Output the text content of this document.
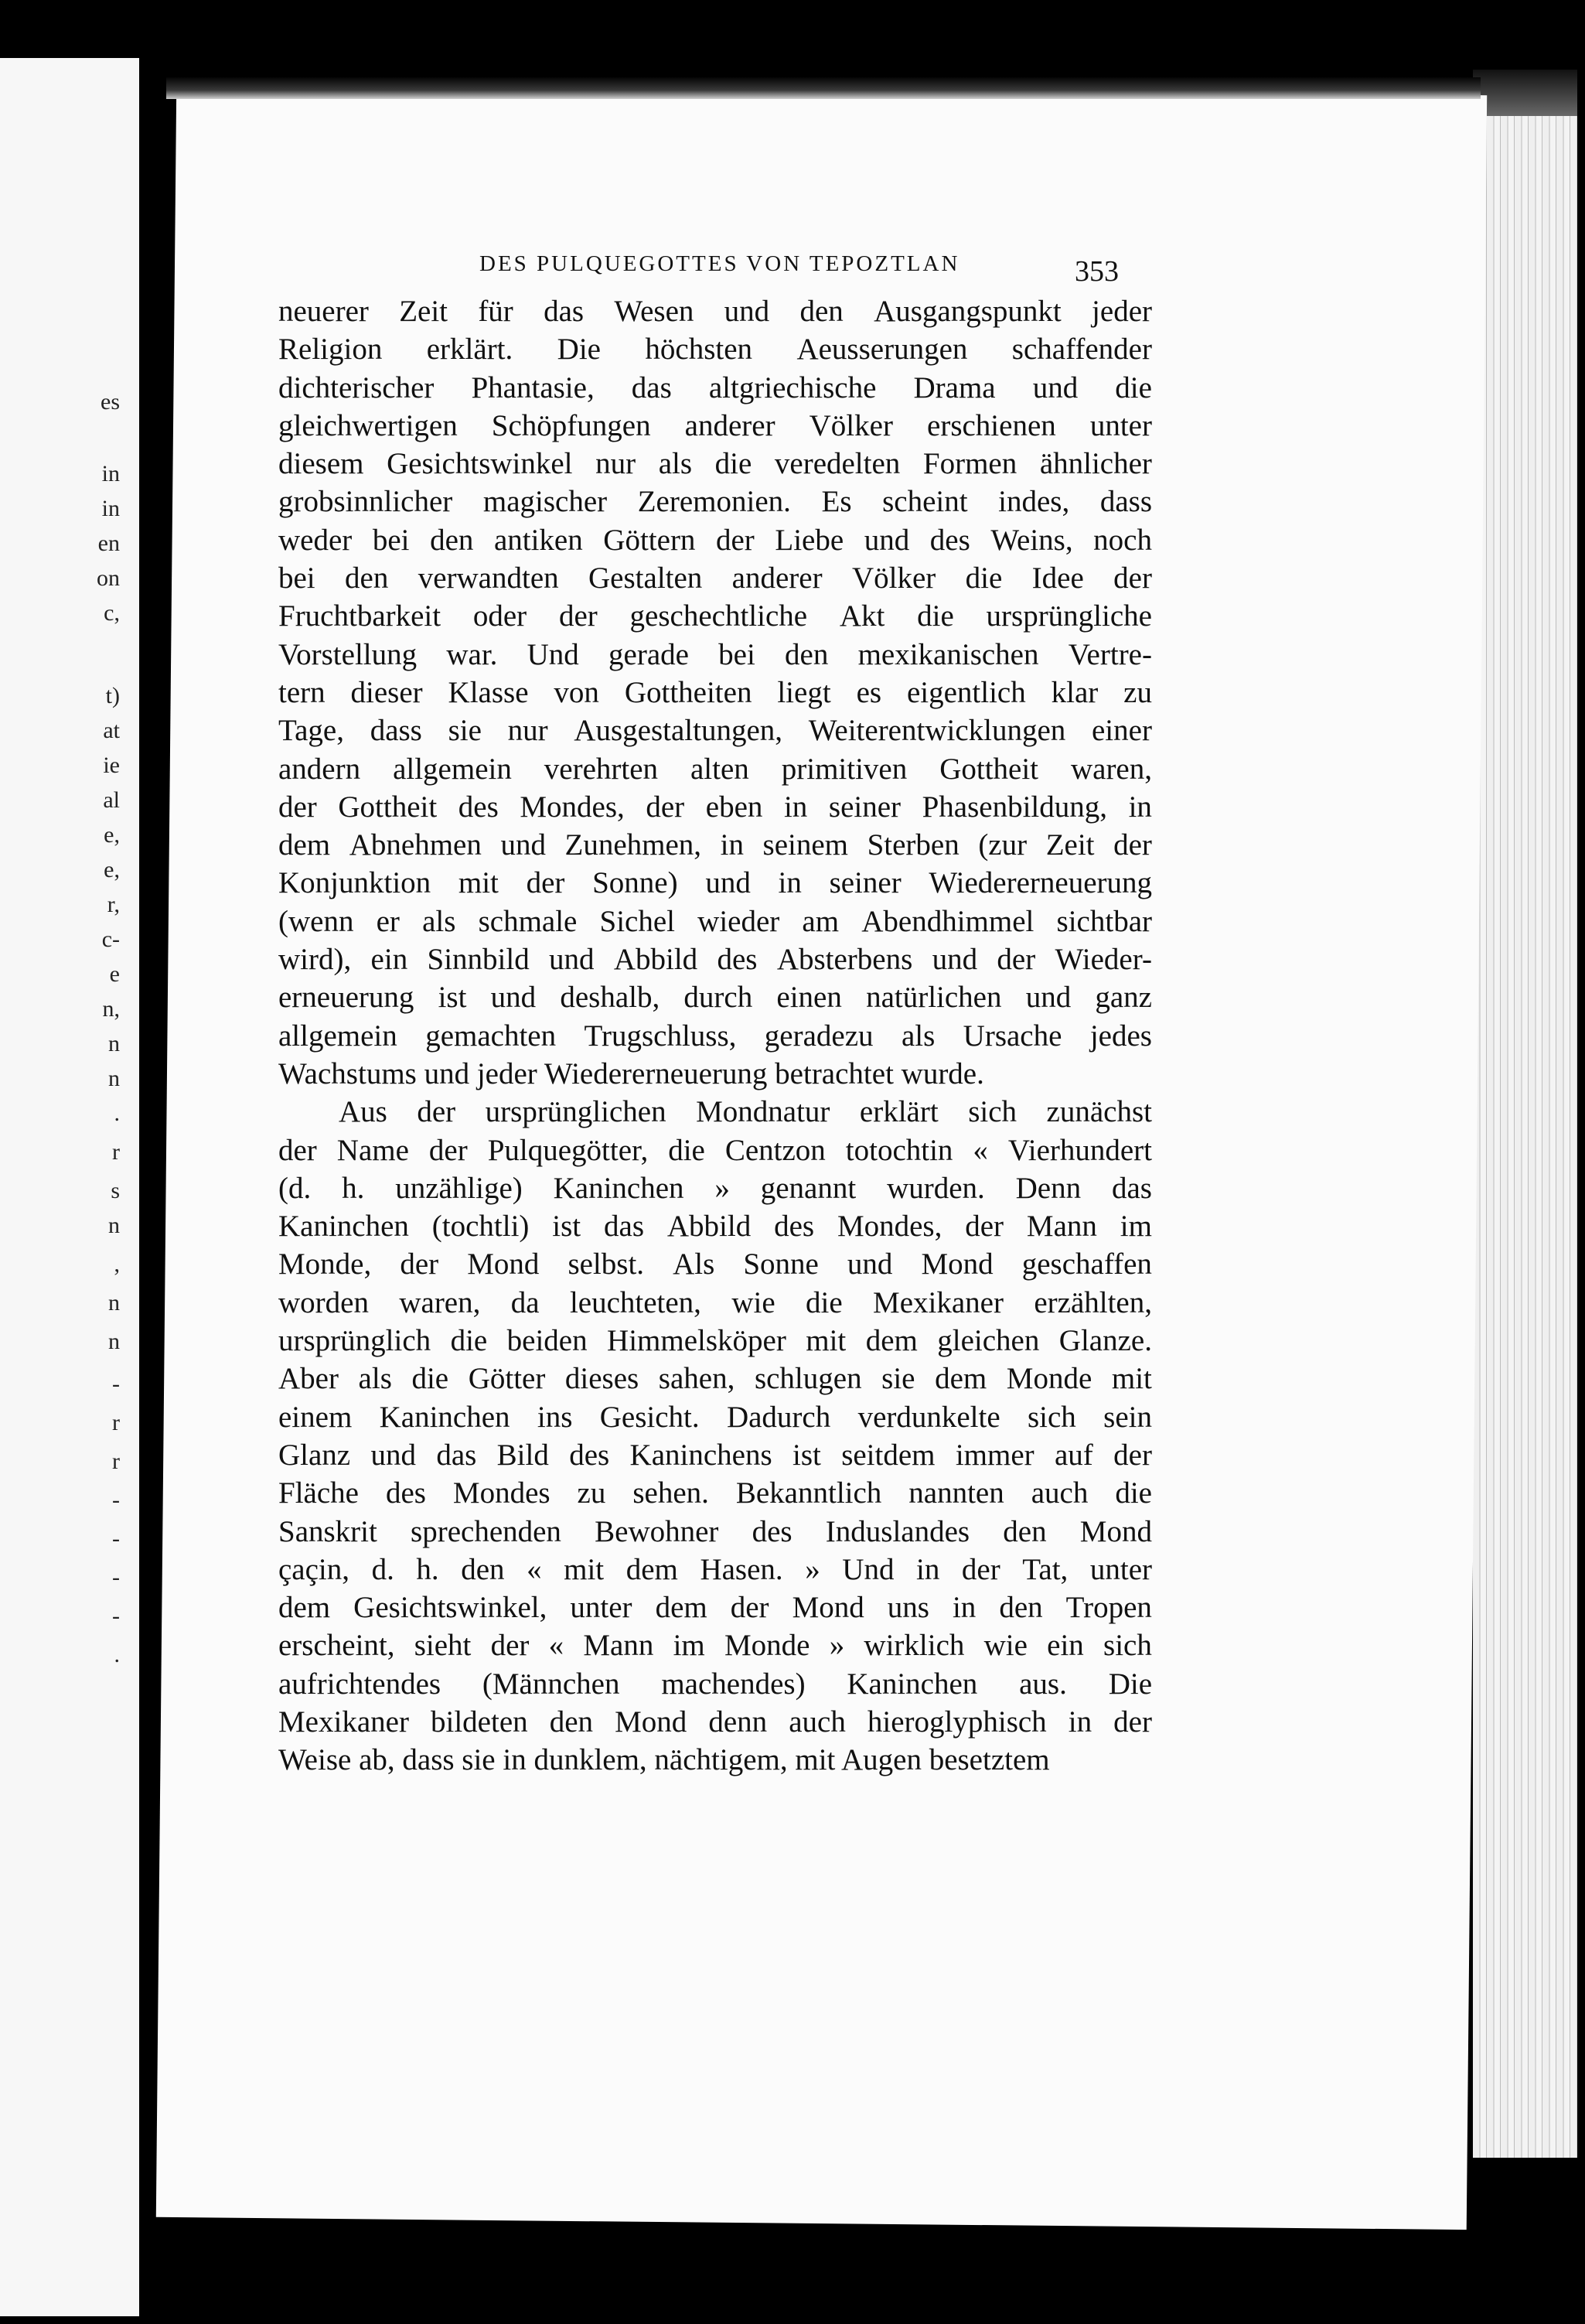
es
in
in
en
on
c,
t)
at
ie
al
e,
e,
r,
c-
e
n,
n
n
.
r
s
n
,
n
n
-
r
r
-
-
-
-
.
DES PULQUEGOTTES VON TEPOZTLAN	353
neuerer Zeit für das Wesen und den Ausgangspunkt jeder
Religion erklärt. Die höchsten Aeusserungen schaffender
dichterischer Phantasie, das altgriechische Drama und die
gleichwertigen Schöpfungen anderer Völker erschienen unter
diesem Gesichtswinkel nur als die veredelten Formen ähnlicher
grobsinnlicher magischer Zeremonien. Es scheint indes, dass
weder bei den antiken Göttern der Liebe und des Weins, noch
bei den verwandten Gestalten anderer Völker die Idee der
Fruchtbarkeit oder der geschechtliche Akt die ursprüngliche
Vorstellung war. Und gerade bei den mexikanischen Vertre-
tern dieser Klasse von Gottheiten liegt es eigentlich klar zu
Tage, dass sie nur Ausgestaltungen, Weiterentwicklungen einer
andern allgemein verehrten alten primitiven Gottheit waren,
der Gottheit des Mondes, der eben in seiner Phasenbildung, in
dem Abnehmen und Zunehmen, in seinem Sterben (zur Zeit der
Konjunktion mit der Sonne) und in seiner Wiedererneuerung
(wenn er als schmale Sichel wieder am Abendhimmel sichtbar
wird), ein Sinnbild und Abbild des Absterbens und der Wieder-
erneuerung ist und deshalb, durch einen natürlichen und ganz
allgemein gemachten Trugschluss, geradezu als Ursache jedes
Wachstums und jeder Wiedererneuerung betrachtet wurde.
Aus der ursprünglichen Mondnatur erklärt sich zunächst
der Name der Pulquegötter, die Centzon totochtin « Vierhundert
(d. h. unzählige) Kaninchen » genannt wurden. Denn das
Kaninchen (tochtli) ist das Abbild des Mondes, der Mann im
Monde, der Mond selbst. Als Sonne und Mond geschaffen
worden waren, da leuchteten, wie die Mexikaner erzählten,
ursprünglich die beiden Himmelsköper mit dem gleichen Glanze.
Aber als die Götter dieses sahen, schlugen sie dem Monde mit
einem Kaninchen ins Gesicht. Dadurch verdunkelte sich sein
Glanz und das Bild des Kaninchens ist seitdem immer auf der
Fläche des Mondes zu sehen. Bekanntlich nannten auch die
Sanskrit sprechenden Bewohner des Induslandes den Mond
çaçin, d. h. den « mit dem Hasen. » Und in der Tat, unter
dem Gesichtswinkel, unter dem der Mond uns in den Tropen
erscheint, sieht der « Mann im Monde » wirklich wie ein sich
aufrichtendes (Männchen machendes) Kaninchen aus. Die
Mexikaner bildeten den Mond denn auch hieroglyphisch in der
Weise ab, dass sie in dunklem, nächtigem, mit Augen besetztem
